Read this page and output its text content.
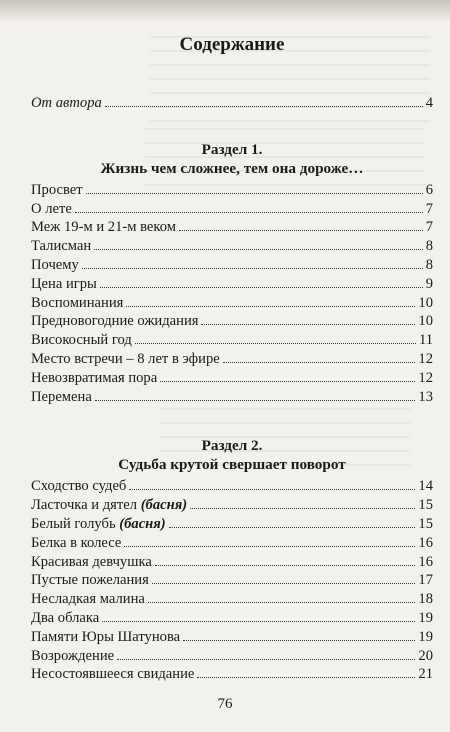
Содержание
От автора	4
Раздел 1.
Жизнь чем сложнее, тем она дороже…
Просвет	6
О лете	7
Меж 19-м и 21-м веком	7
Талисман	8
Почему	8
Цена игры	9
Воспоминания	10
Предновогодние ожидания	10
Високосный год	11
Место встречи – 8 лет в эфире	12
Невозвратимая пора	12
Перемена	13
Раздел 2.
Судьба крутой свершает поворот
Сходство судеб	14
Ласточка и дятел
(басня)	15
Белый голубь
(басня)	15
Белка в колесе	16
Красивая девчушка	16
Пустые пожелания	17
Несладкая малина	18
Два облака	19
Памяти Юры Шатунова	19
Возрождение	20
Несостоявшееся свидание	21
76
